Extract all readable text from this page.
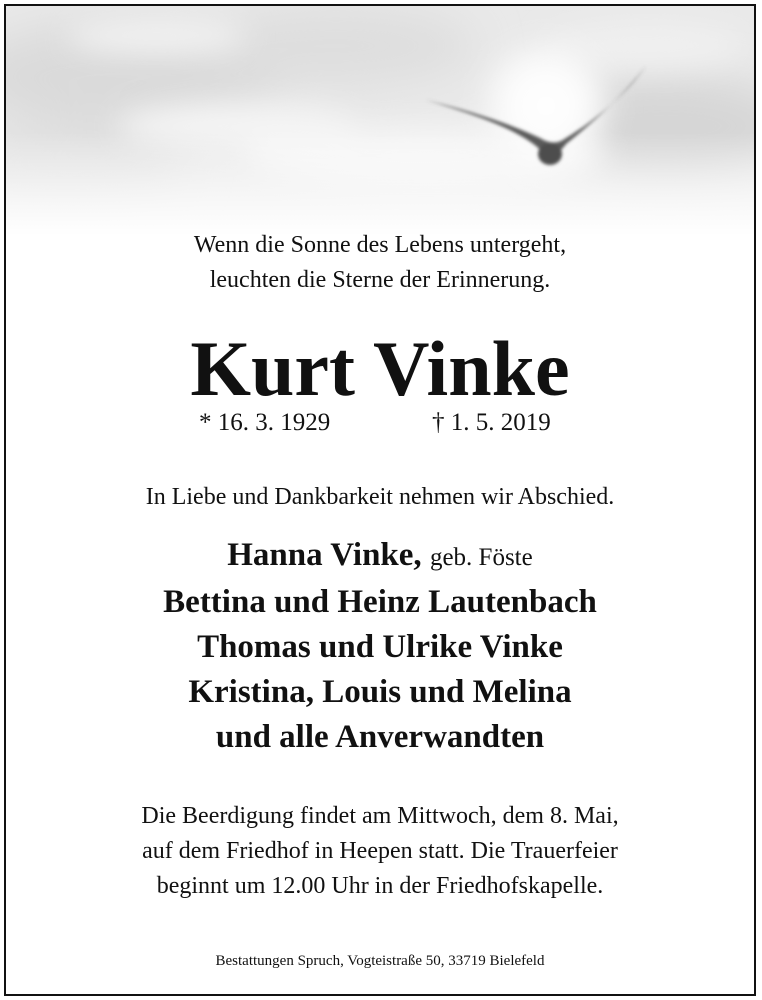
Wenn die Sonne des Lebens untergeht,
leuchten die Sterne der Erinnerung.
Kurt Vinke
* 16. 3. 1929	† 1. 5. 2019
In Liebe und Dankbarkeit nehmen wir Abschied.
Hanna Vinke, geb. Föste
Bettina und Heinz Lautenbach
Thomas und Ulrike Vinke
Kristina, Louis und Melina
und alle Anverwandten
Die Beerdigung findet am Mittwoch, dem 8. Mai,
auf dem Friedhof in Heepen statt. Die Trauerfeier
beginnt um 12.00 Uhr in der Friedhofskapelle.
Bestattungen Spruch, Vogteistraße 50, 33719 Bielefeld
